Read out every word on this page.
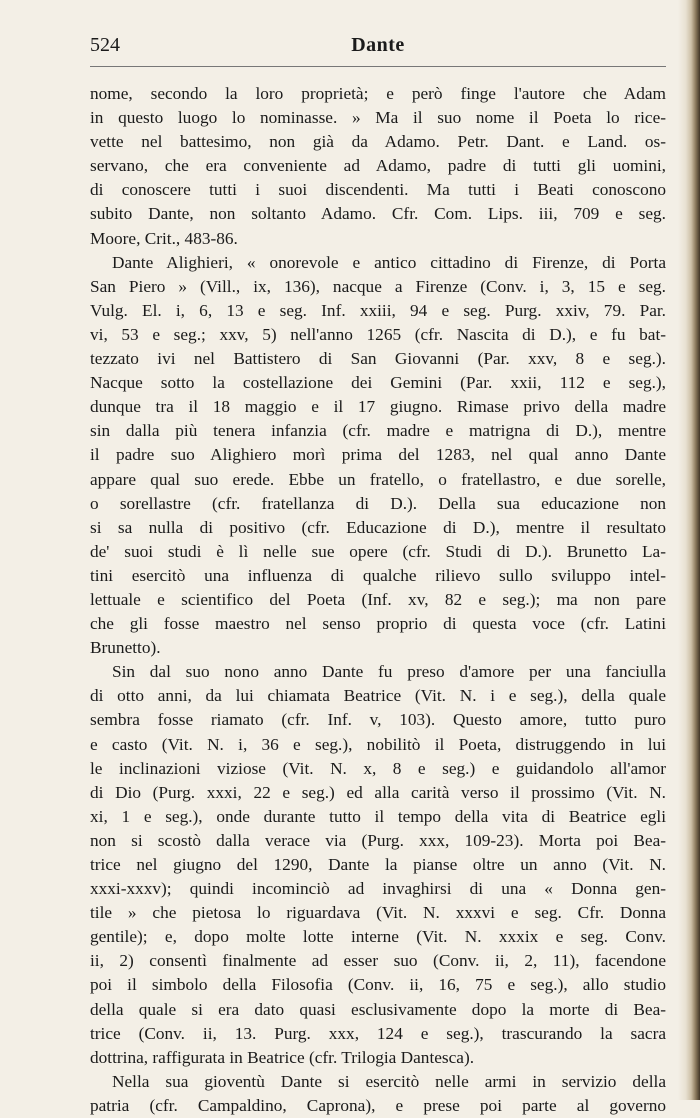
524	Dante
nome, secondo la loro proprietà; e però finge l'autore che Adam
in questo luogo lo nominasse. » Ma il suo nome il Poeta lo rice-
vette nel battesimo, non già da Adamo. Petr. Dant. e Land. os-
servano, che era conveniente ad Adamo, padre di tutti gli uomini,
di conoscere tutti i suoi discendenti. Ma tutti i Beati conoscono
subito Dante, non soltanto Adamo. Cfr. Com. Lips. iii, 709 e seg.
Moore, Crit., 483-86.
Dante Alighieri, « onorevole e antico cittadino di Firenze, di Porta
San Piero » (Vill., ix, 136), nacque a Firenze (Conv. i, 3, 15 e seg.
Vulg. El. i, 6, 13 e seg. Inf. xxiii, 94 e seg. Purg. xxiv, 79. Par.
vi, 53 e seg.; xxv, 5) nell'anno 1265 (cfr. Nascita di D.), e fu bat-
tezzato ivi nel Battistero di San Giovanni (Par. xxv, 8 e seg.).
Nacque sotto la costellazione dei Gemini (Par. xxii, 112 e seg.),
dunque tra il 18 maggio e il 17 giugno. Rimase privo della madre
sin dalla più tenera infanzia (cfr. madre e matrigna di D.), mentre
il padre suo Alighiero morì prima del 1283, nel qual anno Dante
appare qual suo erede. Ebbe un fratello, o fratellastro, e due sorelle,
o sorellastre (cfr. fratellanza di D.). Della sua educazione non
si sa nulla di positivo (cfr. Educazione di D.), mentre il resultato
de' suoi studi è lì nelle sue opere (cfr. Studi di D.). Brunetto La-
tini esercitò una influenza di qualche rilievo sullo sviluppo intel-
lettuale e scientifico del Poeta (Inf. xv, 82 e seg.); ma non pare
che gli fosse maestro nel senso proprio di questa voce (cfr. Latini
Brunetto).
Sin dal suo nono anno Dante fu preso d'amore per una fanciulla
di otto anni, da lui chiamata Beatrice (Vit. N. i e seg.), della quale
sembra fosse riamato (cfr. Inf. v, 103). Questo amore, tutto puro
e casto (Vit. N. i, 36 e seg.), nobilitò il Poeta, distruggendo in lui
le inclinazioni viziose (Vit. N. x, 8 e seg.) e guidandolo all'amor
di Dio (Purg. xxxi, 22 e seg.) ed alla carità verso il prossimo (Vit. N.
xi, 1 e seg.), onde durante tutto il tempo della vita di Beatrice egli
non si scostò dalla verace via (Purg. xxx, 109-23). Morta poi Bea-
trice nel giugno del 1290, Dante la pianse oltre un anno (Vit. N.
xxxi-xxxv); quindi incominciò ad invaghirsi di una « Donna gen-
tile » che pietosa lo riguardava (Vit. N. xxxvi e seg. Cfr. Donna
gentile); e, dopo molte lotte interne (Vit. N. xxxix e seg. Conv.
ii, 2) consentì finalmente ad esser suo (Conv. ii, 2, 11), facendone
poi il simbolo della Filosofia (Conv. ii, 16, 75 e seg.), allo studio
della quale si era dato quasi esclusivamente dopo la morte di Bea-
trice (Conv. ii, 13. Purg. xxx, 124 e seg.), trascurando la sacra
dottrina, raffigurata in Beatrice (cfr. Trilogia Dantesca).
Nella sua gioventù Dante si esercitò nelle armi in servizio della
patria (cfr. Campaldino, Caprona), e prese poi parte al governo
